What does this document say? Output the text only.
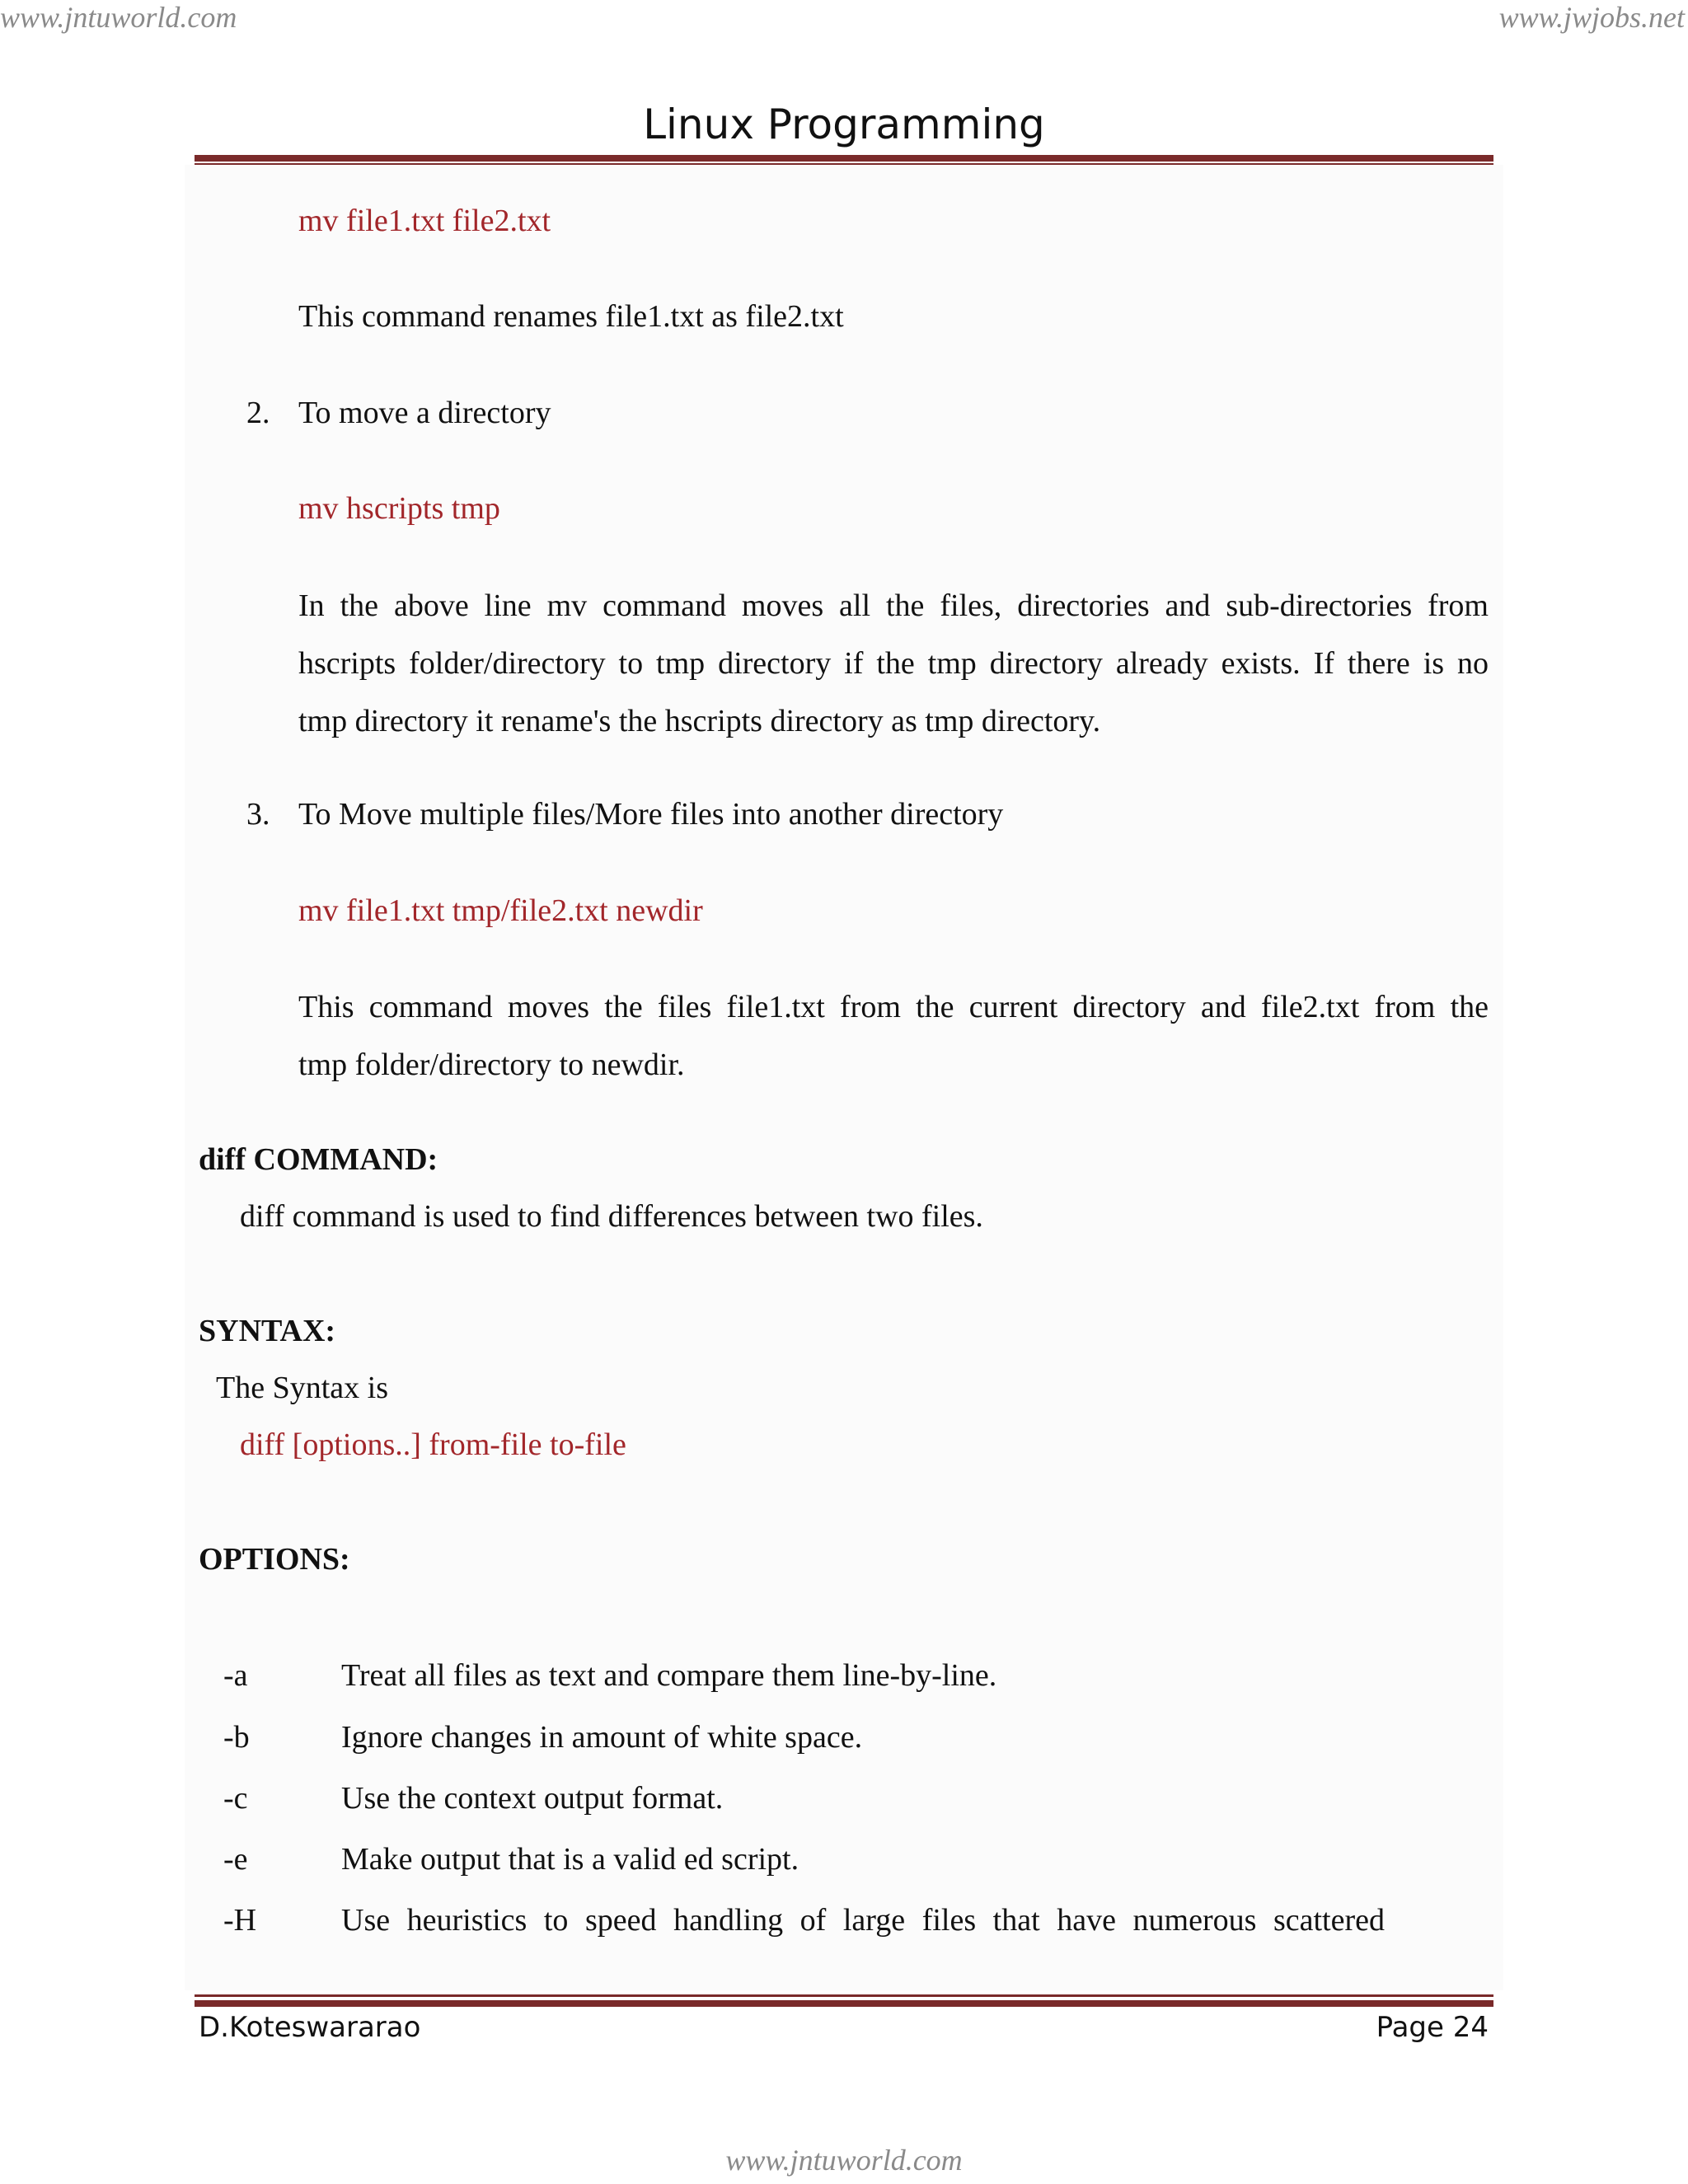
www.jntuworld.com	www.jwjobs.net
Linux Programming
mv file1.txt file2.txt
This command renames file1.txt as file2.txt
2. To move a directory
mv hscripts tmp
In the above line mv command moves all the files, directories and sub-directories from
hscripts folder/directory to tmp directory if the tmp directory already exists. If there is no
tmp directory it rename's the hscripts directory as tmp directory.
3. To Move multiple files/More files into another directory
mv file1.txt tmp/file2.txt newdir
This command moves the files file1.txt from the current directory and file2.txt from the
tmp folder/directory to newdir.
diff COMMAND:
diff command is used to find differences between two files.
SYNTAX:
The Syntax is
diff [options..] from-file to-file
OPTIONS:
-a	Treat all files as text and compare them line-by-line.
-b	Ignore changes in amount of white space.
-c	Use the context output format.
-e	Make output that is a valid ed script.
-H	Use heuristics to speed handling of large files that have numerous scattered
D.Koteswararao	Page 24
www.jntuworld.com
